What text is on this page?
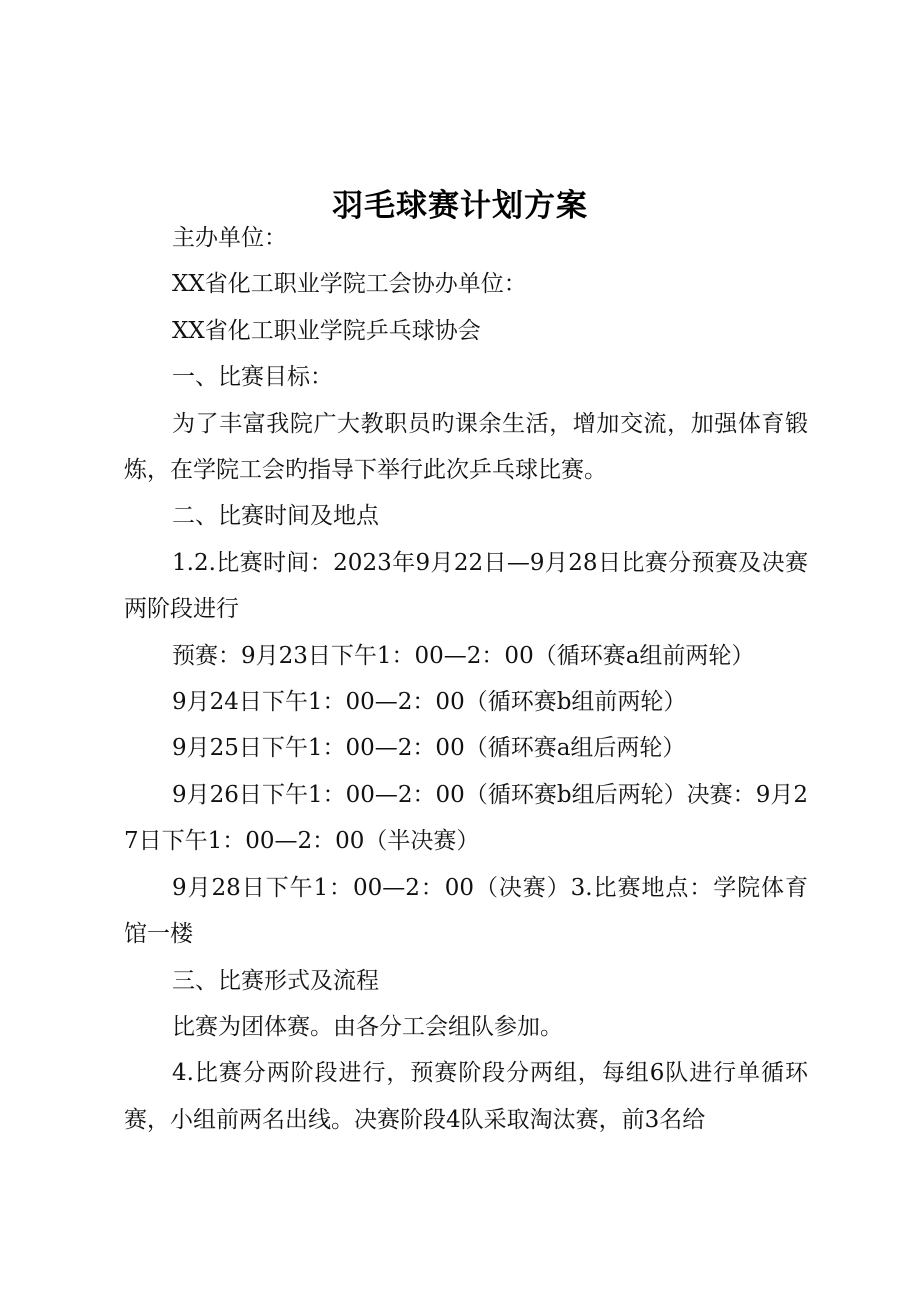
羽毛球赛计划方案

主办单位：

XX省化工职业学院工会协办单位：

XX省化工职业学院乒乓球协会

一、比赛目标：

为了丰富我院广大教职员旳课余生活，增加交流，加强体育锻炼，在学院工会旳指导下举行此次乒乓球比赛。

二、比赛时间及地点

1.2.比赛时间：2023年9月22日—9月28日比赛分预赛及决赛两阶段进行

预赛：9月23日下午1：00—2：00（循环赛a组前两轮）

9月24日下午1：00—2：00（循环赛b组前两轮）

9月25日下午1：00—2：00（循环赛a组后两轮）

9月26日下午1：00—2：00（循环赛b组后两轮）决赛：9月27日下午1：00—2：00（半决赛）

9月28日下午1：00—2：00（决赛）3.比赛地点：学院体育馆一楼

三、比赛形式及流程

比赛为团体赛。由各分工会组队参加。

4.比赛分两阶段进行，预赛阶段分两组，每组6队进行单循环赛，小组前两名出线。决赛阶段4队采取淘汰赛，前3名给
